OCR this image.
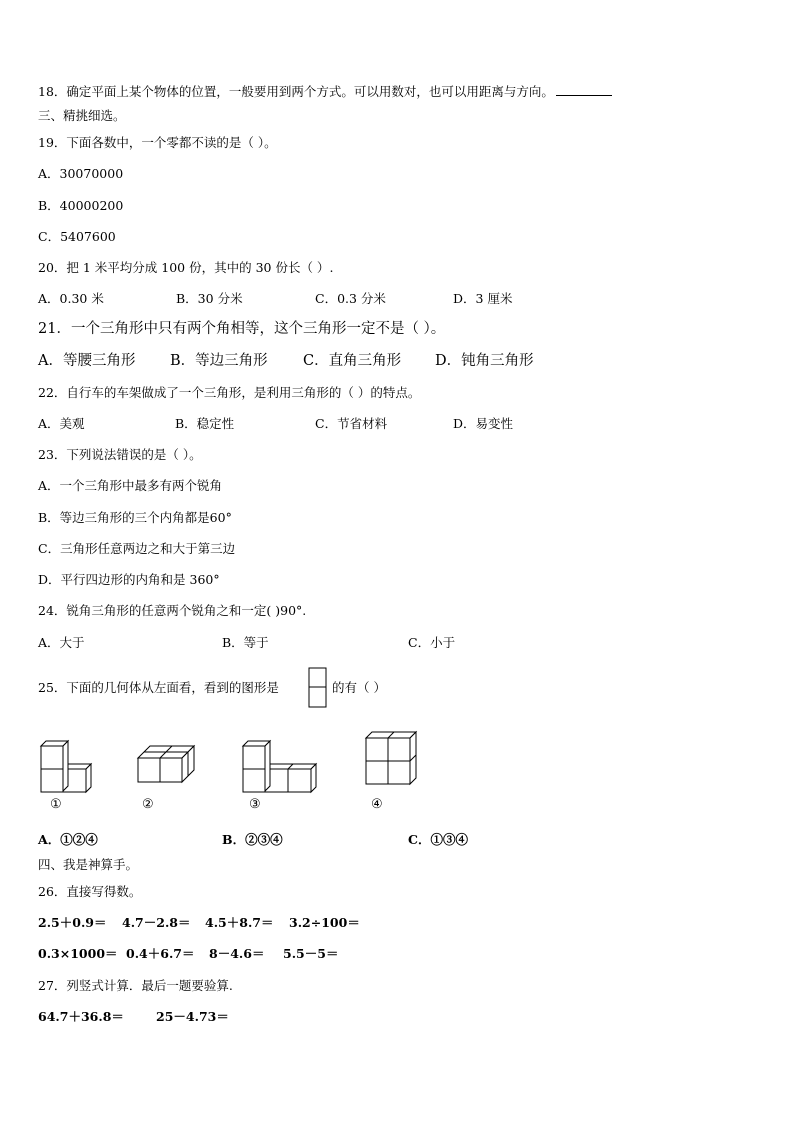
18．确定平面上某个物体的位置，一般要用到两个方式。可以用数对，也可以用距离与方向。
三、精挑细选。
19．下面各数中，一个零都不读的是（ ）。
A．30070000
B．40000200
C．5407600
20．把 1 米平均分成 100 份，其中的 30 份长（ ）.
A．0.30 米	B．30 分米	C．0.3 分米	D．3 厘米
21．一个三角形中只有两个角相等，这个三角形一定不是（ ）。
A．等腰三角形 B．等边三角形 C．直角三角形 D．钝角三角形
22．自行车的车架做成了一个三角形，是利用三角形的（ ）的特点。
A．美观	B．稳定性	C．节省材料	D．易变性
23．下列说法错误的是（ ）。
A．一个三角形中最多有两个锐角
B．等边三角形的三个内角都是60°
C．三角形任意两边之和大于第三边
D．平行四边形的内角和是 360°
24．锐角三角形的任意两个锐角之和一定( )90°.
A．大于	B．等于	C．小于
25．下面的几何体从左面看，看到的图形是	的有（ ）
①	②	③	④
A．①②④	B．②③④	C．①③④
四、我是神算手。
26．直接写得数。
2.5＋0.9＝ 4.7－2.8＝ 4.5＋8.7＝ 3.2÷100＝
0.3×1000＝ 0.4＋6.7＝ 8－4.6＝ 5.5－5＝
27．列竖式计算．最后一题要验算.
64.7＋36.8＝	25－4.73＝
